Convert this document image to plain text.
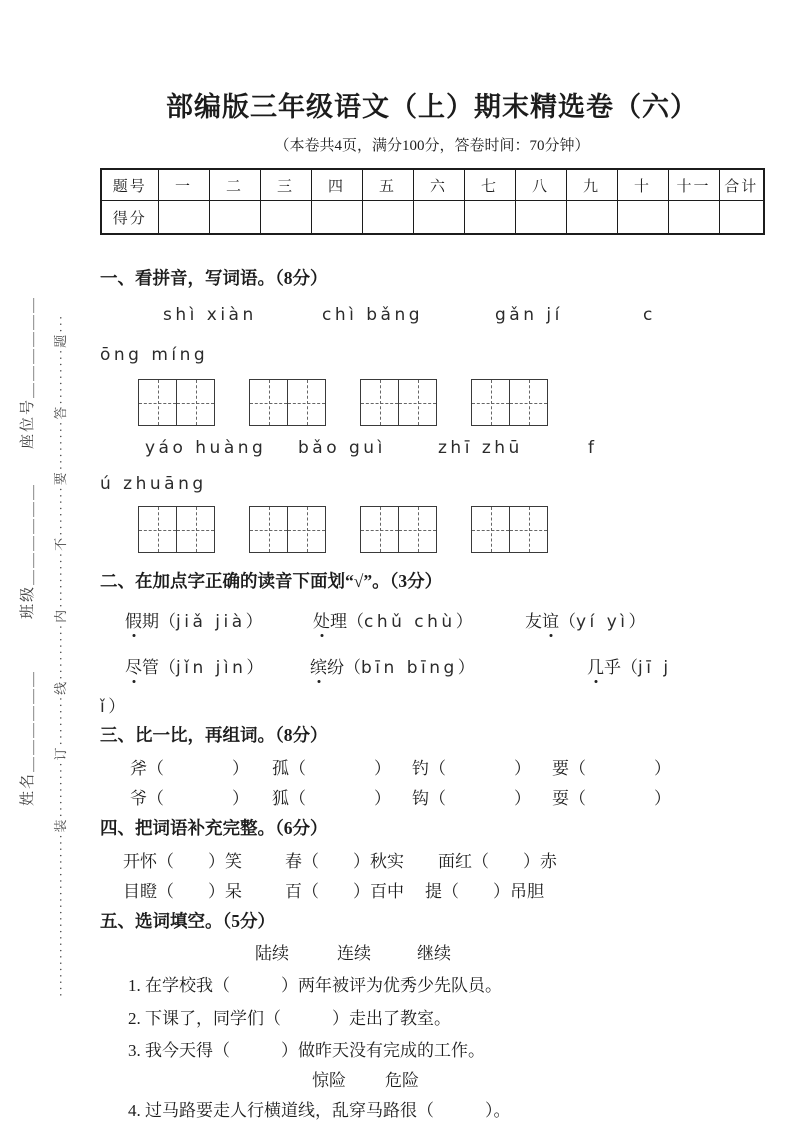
··························装·········订········线·········内·········不········要········答·········题···
姓名＿＿＿＿＿＿　　　班级＿＿＿＿＿＿　　座位号＿＿＿＿＿＿
部编版三年级语文（上）期末精选卷（六）
（本卷共4页，满分100分，答卷时间：70分钟）
题号	一	二	三	四	五	六	七	八	九	十	十一	合计
得分												
一、看拼音，写词语。（8分）
shì xiàn	chì bǎng	gǎn jí	c
ōng míng
yáo huàng bǎo guì	zhī zhū	f
ú zhuāng
二、在加点字正确的读音下面划“√”。（3分）
假期（jiǎ jià）	处理（chǔ chù）	友谊（yí yì）
尽管（jǐn jìn）	缤纷（bīn bīng）	几乎（jī j
ǐ）
三、比一比，再组词。（8分）
斧（　　　　） 孤（　　　　） 钓（　　　　） 要（　　　　）
爷（　　　　） 狐（　　　　） 钩（　　　　） 耍（　　　　）
四、把词语补充完整。（6分）
开怀（　　）笑	春（　　）秋实 面红（　　）赤
目瞪（　　）呆	百（　　）百中 提（　　）吊胆
五、选词填空。（5分）
陆续	连续	继续
1. 在学校我（　　　）两年被评为优秀少先队员。
2. 下课了，同学们（　　　）走出了教室。
3. 我今天得（　　　）做昨天没有完成的工作。
惊险 危险
4. 过马路要走人行横道线，乱穿马路很（　　　）。
